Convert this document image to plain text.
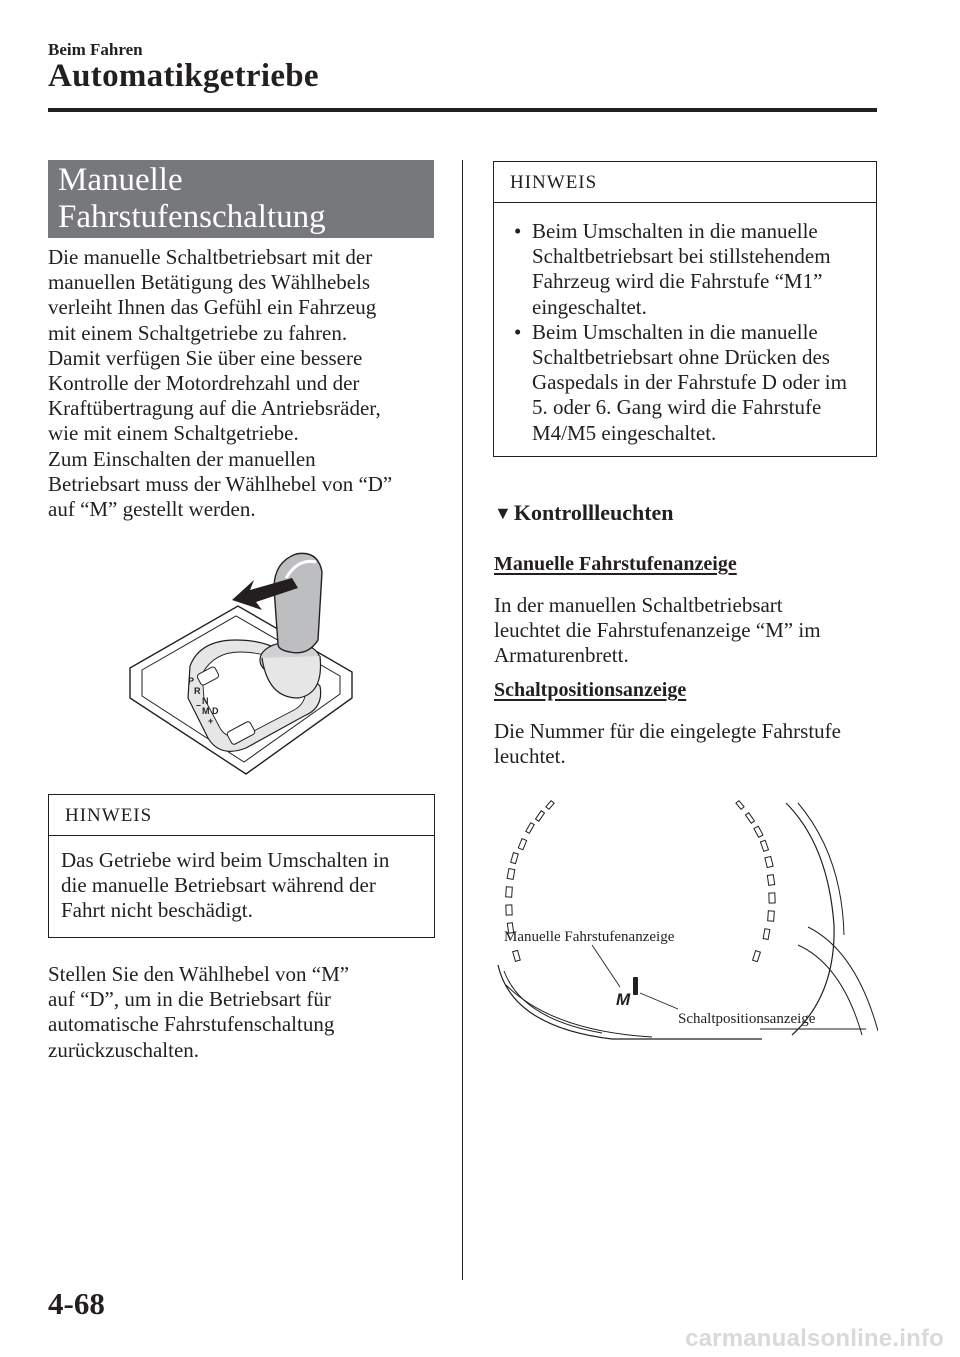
Beim Fahren
Automatikgetriebe
Manuelle
Fahrstufenschaltung

Die manuelle Schaltbetriebsart mit der
manuellen Betätigung des Wählhebels
verleiht Ihnen das Gefühl ein Fahrzeug
mit einem Schaltgetriebe zu fahren.
Damit verfügen Sie über eine bessere
Kontrolle der Motordrehzahl und der
Kraftübertragung auf die Antriebsräder,
wie mit einem Schaltgetriebe.
Zum Einschalten der manuellen
Betriebsart muss der Wählhebel von “D”
auf “M” gestellt werden.

P
R
N
M D
–
+
HINWEIS
Das Getriebe wird beim Umschalten in
die manuelle Betriebsart während der
Fahrt nicht beschädigt.

Stellen Sie den Wählhebel von “M”
auf “D”, um in die Betriebsart für
automatische Fahrstufenschaltung
zurückzuschalten.

HINWEIS
• Beim Umschalten in die manuelle
Schaltbetriebsart bei stillstehendem
Fahrzeug wird die Fahrstufe “M1”
eingeschaltet.
• Beim Umschalten in die manuelle
Schaltbetriebsart ohne Drücken des
Gaspedals in der Fahrstufe D oder im
5. oder 6. Gang wird die Fahrstufe
M4/M5 eingeschaltet.
▼Kontrollleuchten
Manuelle Fahrstufenanzeige

In der manuellen Schaltbetriebsart
leuchtet die Fahrstufenanzeige “M” im
Armaturenbrett.

Schaltpositionsanzeige

Die Nummer für die eingelegte Fahrstufe
leuchtet.

M
Manuelle Fahrstufenanzeige
Schaltpositionsanzeige
4-68
carmanualsonline.info
